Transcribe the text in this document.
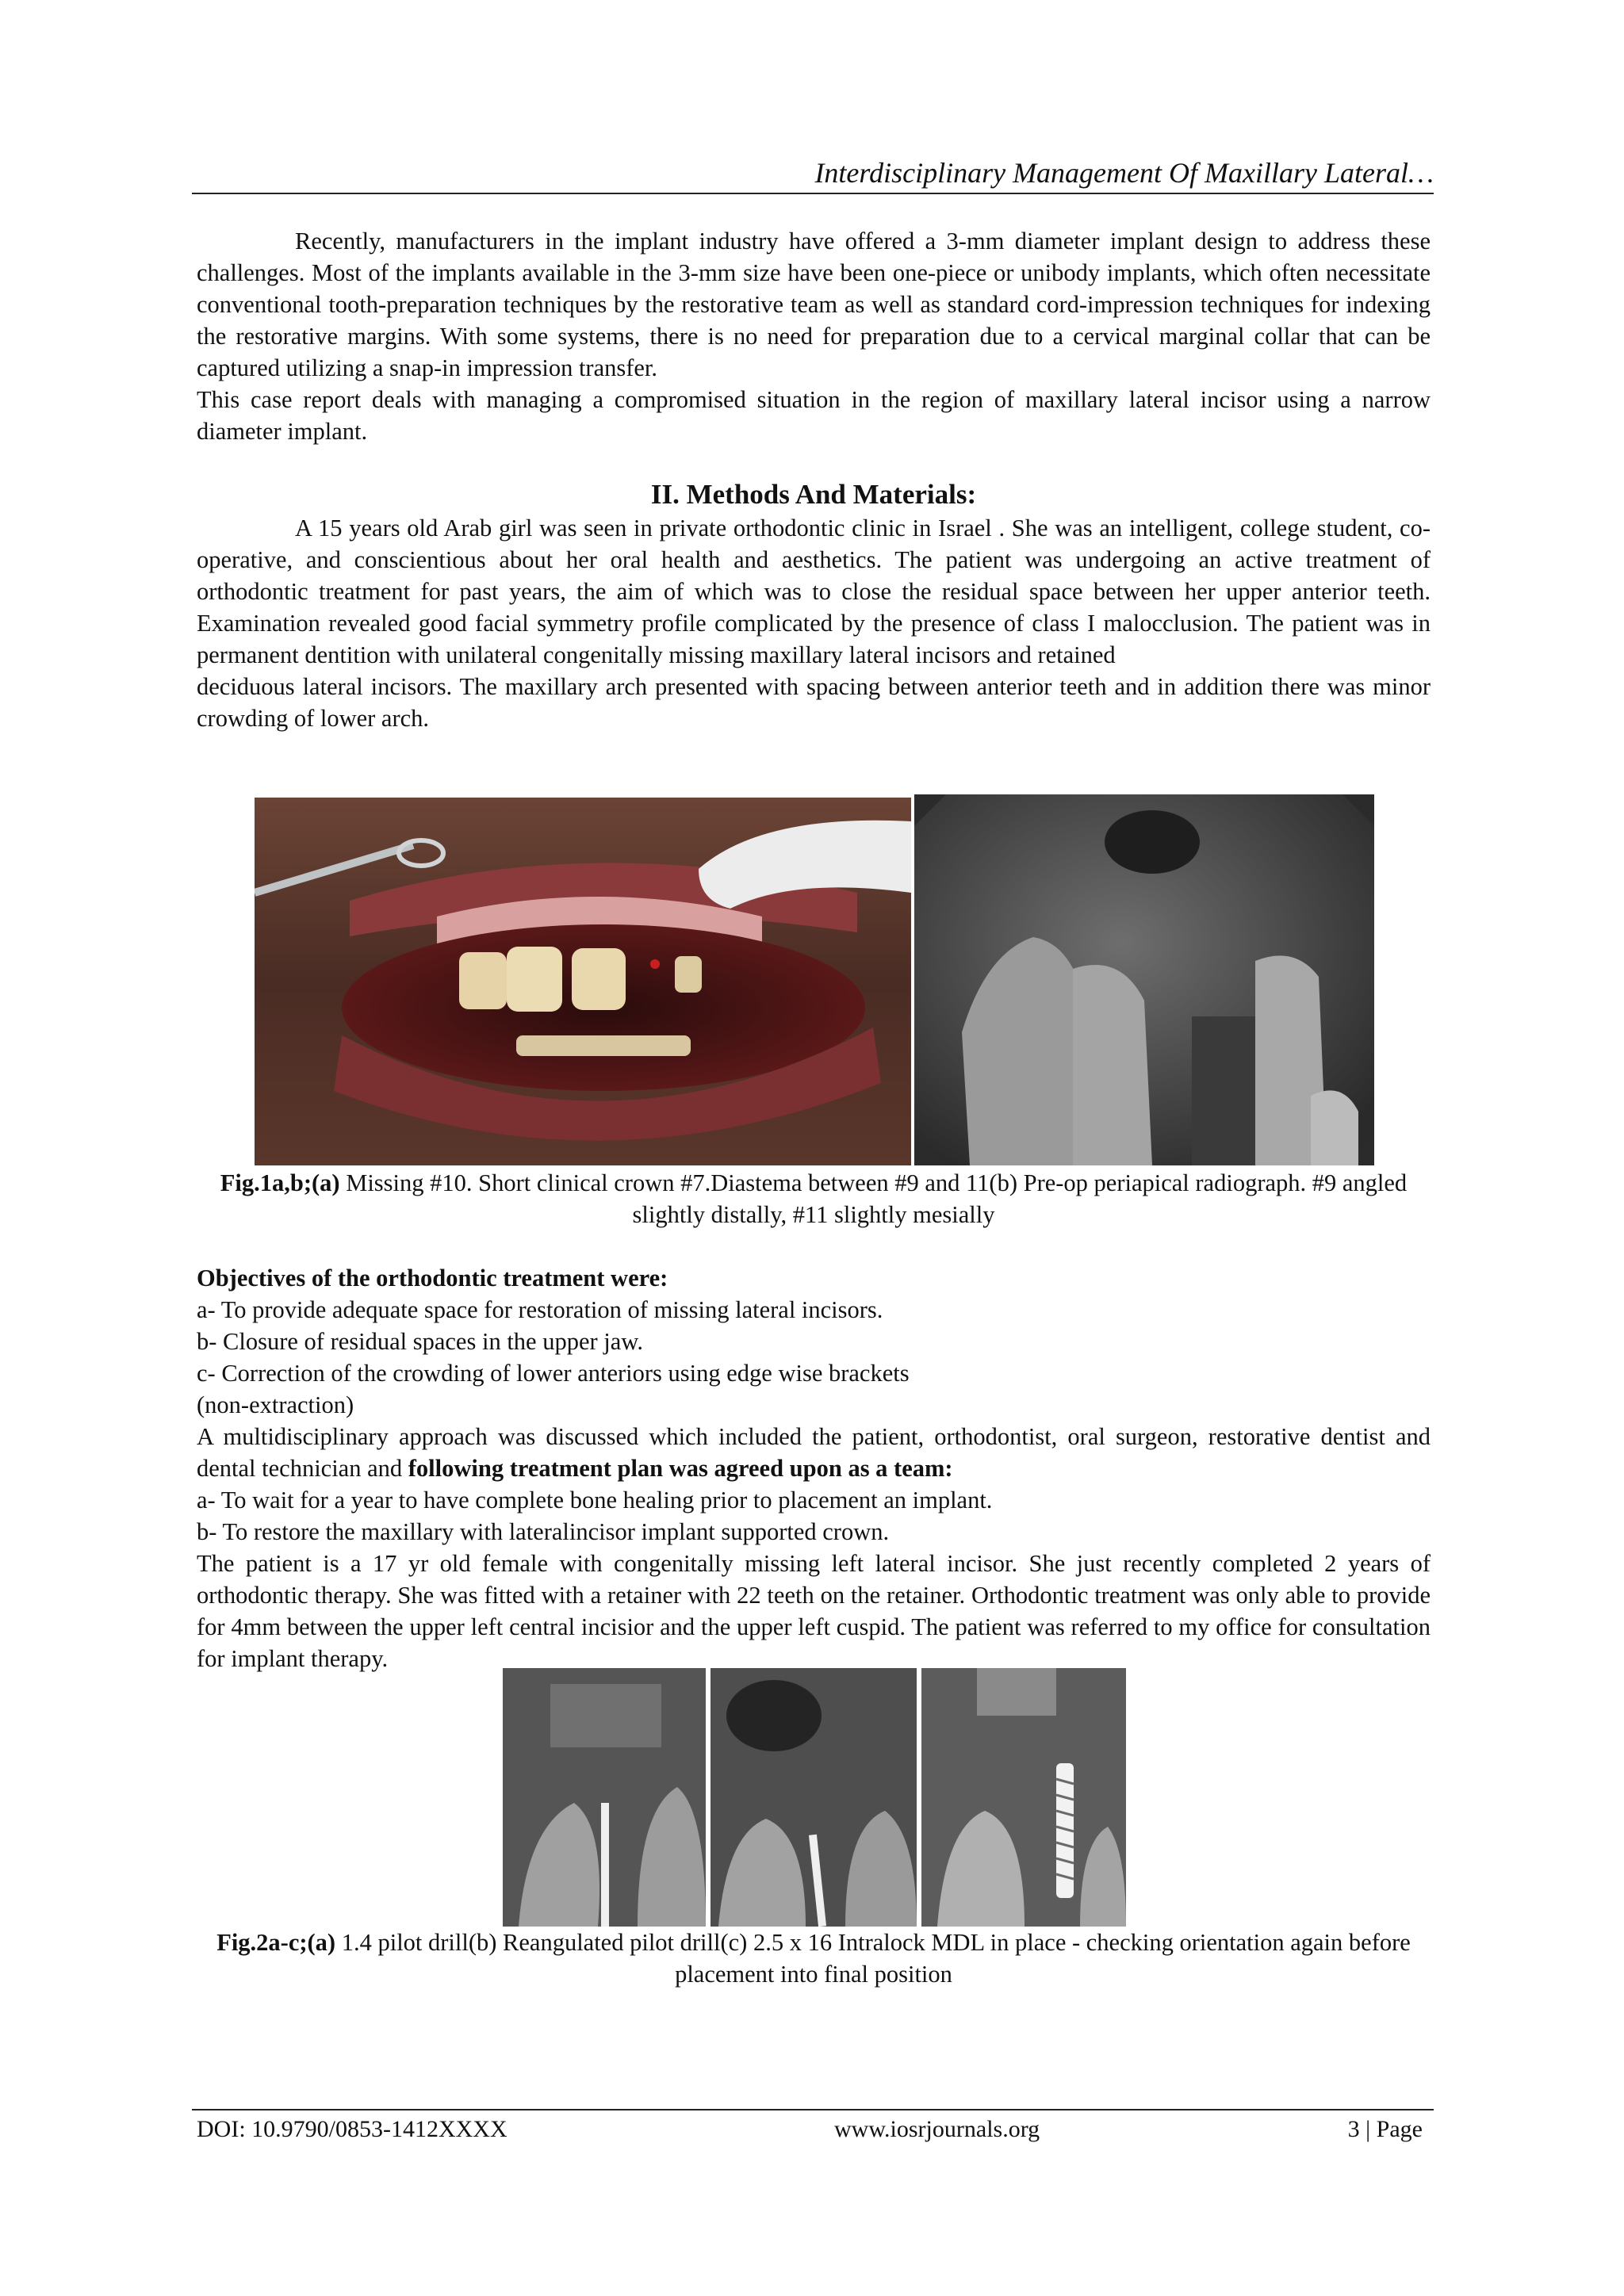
Interdisciplinary Management Of Maxillary Lateral…

Recently, manufacturers in the implant industry have offered a 3-mm diameter implant design to address these challenges. Most of the implants available in the 3-mm size have been one-piece or unibody implants, which often necessitate conventional tooth-preparation techniques by the restorative team as well as standard cord-impression techniques for indexing the restorative margins. With some systems, there is no need for preparation due to a cervical marginal collar that can be captured utilizing a snap-in impression transfer.

This case report deals with managing a compromised situation in the region of maxillary lateral incisor using a narrow diameter implant.

II. Methods And Materials:

A 15 years old Arab girl was seen in private orthodontic clinic in Israel . She was an intelligent, college student, co-operative, and conscientious about her oral health and aesthetics. The patient was undergoing an active treatment of orthodontic treatment for past years, the aim of which was to close the residual space between her upper anterior teeth. Examination revealed good facial symmetry profile complicated by the presence of class I malocclusion. The patient was in permanent dentition with unilateral congenitally missing maxillary lateral incisors and retained

deciduous lateral incisors. The maxillary arch presented with spacing between anterior teeth and in addition there was minor crowding of lower arch.

Fig.1a,b;(a) Missing #10. Short clinical crown #7.Diastema between #9 and 11(b) Pre-op periapical radiograph. #9 angled slightly distally, #11 slightly mesially

Objectives of the orthodontic treatment were:

a- To provide adequate space for restoration of missing lateral incisors.

b- Closure of residual spaces in the upper jaw.

c- Correction of the crowding of lower anteriors using edge wise brackets

(non-extraction)

A multidisciplinary approach was discussed which included the patient, orthodontist, oral surgeon, restorative dentist and dental technician and following treatment plan was agreed upon as a team:

a- To wait for a year to have complete bone healing prior to placement an implant.

b- To restore the maxillary with lateralincisor implant supported crown.

The patient is a 17 yr old female with congenitally missing left lateral incisor. She just recently completed 2 years of orthodontic therapy. She was fitted with a retainer with 22 teeth on the retainer. Orthodontic treatment was only able to provide for 4mm between the upper left central incisior and the upper left cuspid. The patient was referred to my office for consultation for implant therapy.

Fig.2a-c;(a) 1.4 pilot drill(b) Reangulated pilot drill(c) 2.5 x 16 Intralock MDL in place - checking orientation again before placement into final position
DOI: 10.9790/0853-1412XXXX	www.iosrjournals.org	3 | Page
